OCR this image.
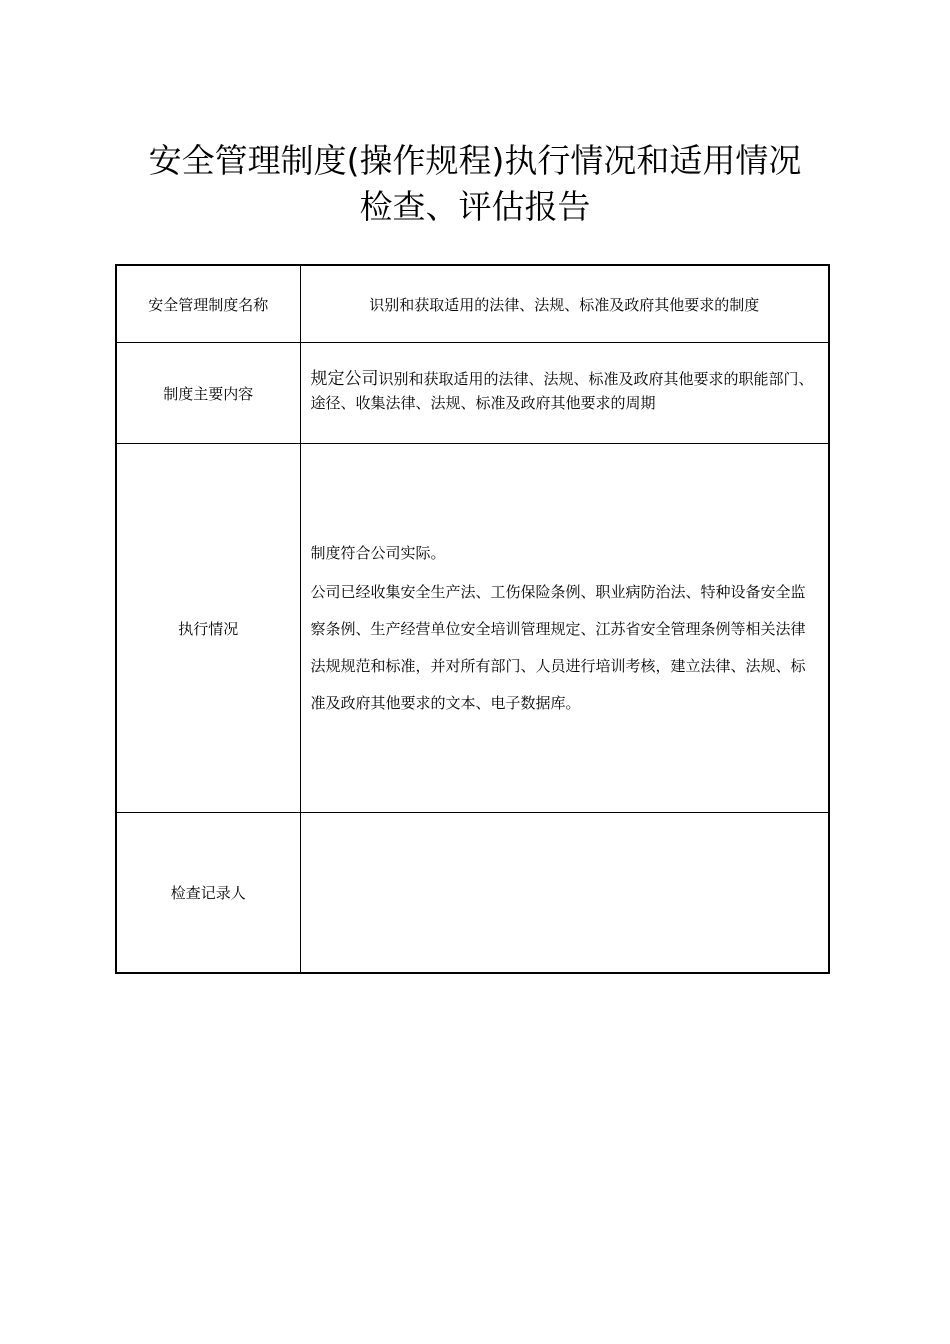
安全管理制度(操作规程)执行情况和适用情况
检查、评估报告
安全管理制度名称	识别和获取适用的法律、法规、标准及政府其他要求的制度
制度主要内容	规定公司识别和获取适用的法律、法规、标准及政府其他要求的职能部门、途径、收集法律、法规、标准及政府其他要求的周期
执行情况	制度符合公司实际。

公司已经收集安全生产法、工伤保险条例、职业病防治法、特种设备安全监察条例、生产经营单位安全培训管理规定、江苏省安全管理条例等相关法律法规规范和标准，并对所有部门、人员进行培训考核，建立法律、法规、标准及政府其他要求的文本、电子数据库。

检查记录人	
